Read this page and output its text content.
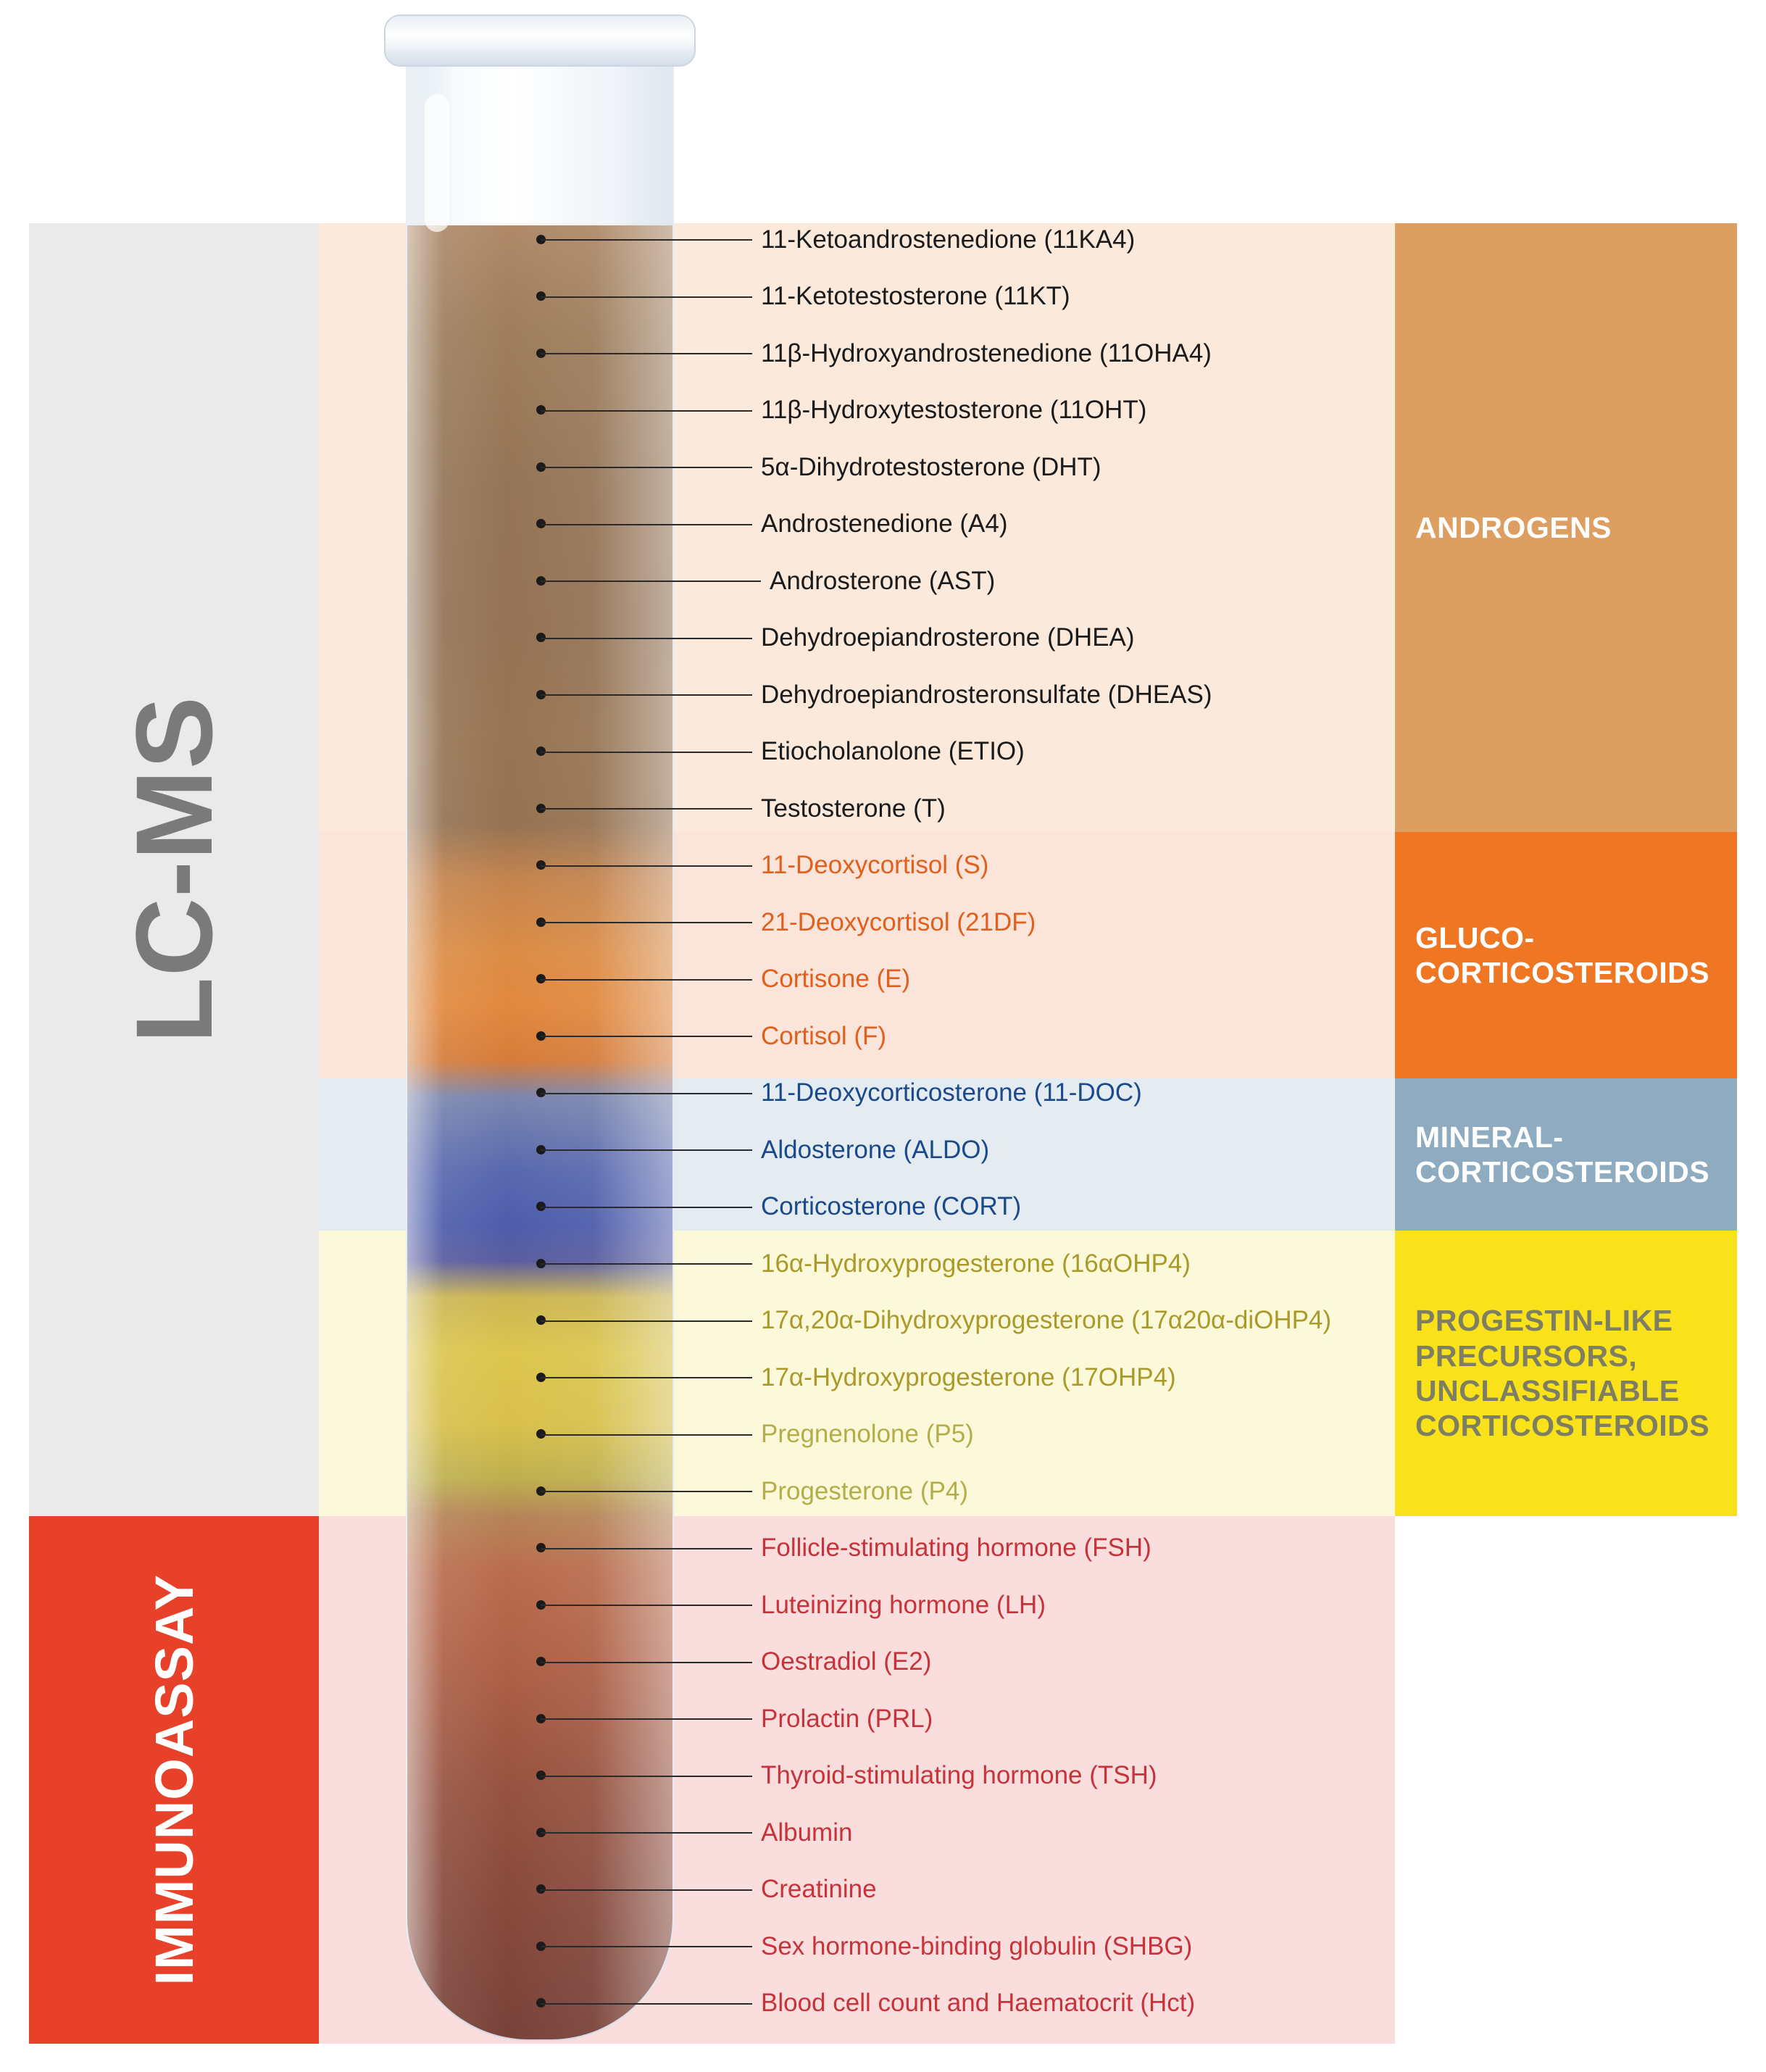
LC-MS
IMMUNOASSAY
ANDROGENS
GLUCO-
CORTICOSTEROIDS
MINERAL-
CORTICOSTEROIDS
PROGESTIN-LIKE
PRECURSORS,
UNCLASSIFIABLE
CORTICOSTEROIDS
11-Ketoandrostenedione (11KA4)
11-Ketotestosterone (11KT)
11β-Hydroxyandrostenedione (11OHA4)
11β-Hydroxytestosterone (11OHT)
5α-Dihydrotestosterone (DHT)
Androstenedione (A4)
Androsterone (AST)
Dehydroepiandrosterone (DHEA)
Dehydroepiandrosteronsulfate (DHEAS)
Etiocholanolone (ETIO)
Testosterone (T)
11-Deoxycortisol (S)
21-Deoxycortisol (21DF)
Cortisone (E)
Cortisol (F)
11-Deoxycorticosterone (11-DOC)
Aldosterone (ALDO)
Corticosterone (CORT)
16α-Hydroxyprogesterone (16αOHP4)
17α,20α-Dihydroxyprogesterone (17α20α-diOHP4)
17α-Hydroxyprogesterone (17OHP4)
Pregnenolone (P5)
Progesterone (P4)
Follicle-stimulating hormone (FSH)
Luteinizing hormone (LH)
Oestradiol (E2)
Prolactin (PRL)
Thyroid-stimulating hormone (TSH)
Albumin
Creatinine
Sex hormone-binding globulin (SHBG)
Blood cell count and Haematocrit (Hct)
